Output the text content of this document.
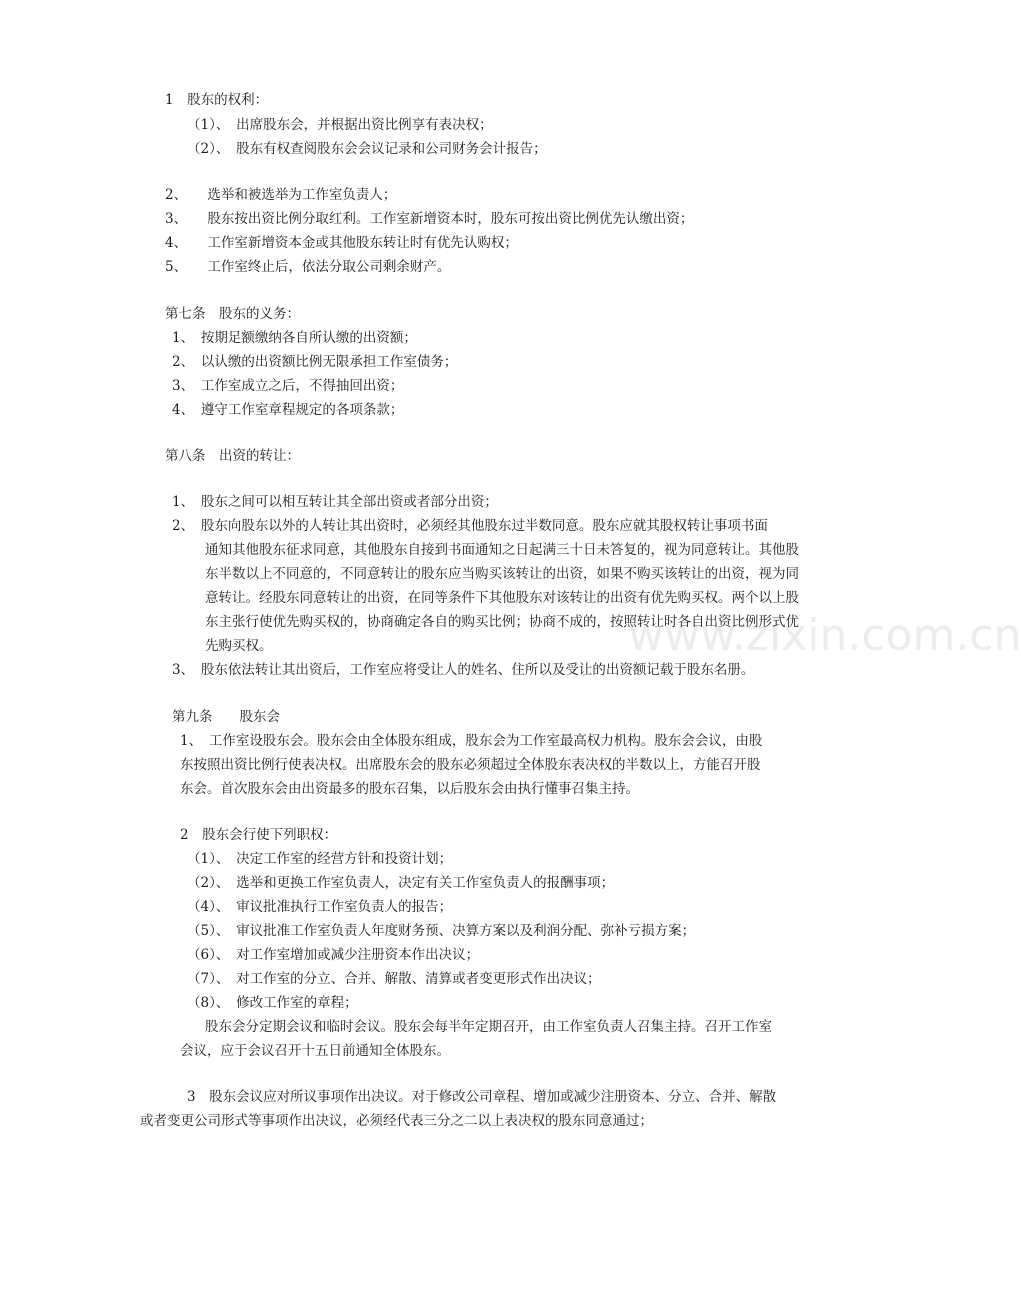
www.zixin.com.cn
1　股东的权利：
（1）、　出席股东会，并根据出资比例享有表决权；
（2）、　股东有权查阅股东会会议记录和公司财务会计报告；
2、　　选举和被选举为工作室负责人；
3、　　股东按出资比例分取红利。工作室新增资本时，股东可按出资比例优先认缴出资；
4、　　工作室新增资本金或其他股东转让时有优先认购权；
5、　　工作室终止后，依法分取公司剩余财产。
第七条　股东的义务：
1、　按期足额缴纳各自所认缴的出资额；
2、　以认缴的出资额比例无限承担工作室债务；
3、　工作室成立之后，不得抽回出资；
4、　遵守工作室章程规定的各项条款；
第八条　出资的转让：
1、　股东之间可以相互转让其全部出资或者部分出资；
2、　股东向股东以外的人转让其出资时，必须经其他股东过半数同意。股东应就其股权转让事项书面
通知其他股东征求同意，其他股东自接到书面通知之日起满三十日未答复的，视为同意转让。其他股
东半数以上不同意的，不同意转让的股东应当购买该转让的出资，如果不购买该转让的出资，视为同
意转让。经股东同意转让的出资，在同等条件下其他股东对该转让的出资有优先购买权。两个以上股
东主张行使优先购买权的，协商确定各自的购买比例；协商不成的，按照转让时各自出资比例形式优
先购买权。
3、　股东依法转让其出资后，工作室应将受让人的姓名、住所以及受让的出资额记载于股东名册。
第九条　　股东会
1、　工作室设股东会。股东会由全体股东组成，股东会为工作室最高权力机构。股东会会议，由股
东按照出资比例行使表决权。出席股东会的股东必须超过全体股东表决权的半数以上，方能召开股
东会。首次股东会由出资最多的股东召集，以后股东会由执行懂事召集主持。
2　股东会行使下列职权：
（1）、　决定工作室的经营方针和投资计划；
（2）、　选举和更换工作室负责人，决定有关工作室负责人的报酬事项；
（4）、　审议批准执行工作室负责人的报告；
（5）、　审议批准工作室负责人年度财务预、决算方案以及利润分配、弥补亏损方案；
（6）、　对工作室增加或减少注册资本作出决议；
（7）、　对工作室的分立、合并、解散、清算或者变更形式作出决议；
（8）、　修改工作室的章程；
股东会分定期会议和临时会议。股东会每半年定期召开，由工作室负责人召集主持。召开工作室
会议，应于会议召开十五日前通知全体股东。
3　股东会议应对所议事项作出决议。对于修改公司章程、增加或减少注册资本、分立、合并、解散
或者变更公司形式等事项作出决议，必须经代表三分之二以上表决权的股东同意通过；
